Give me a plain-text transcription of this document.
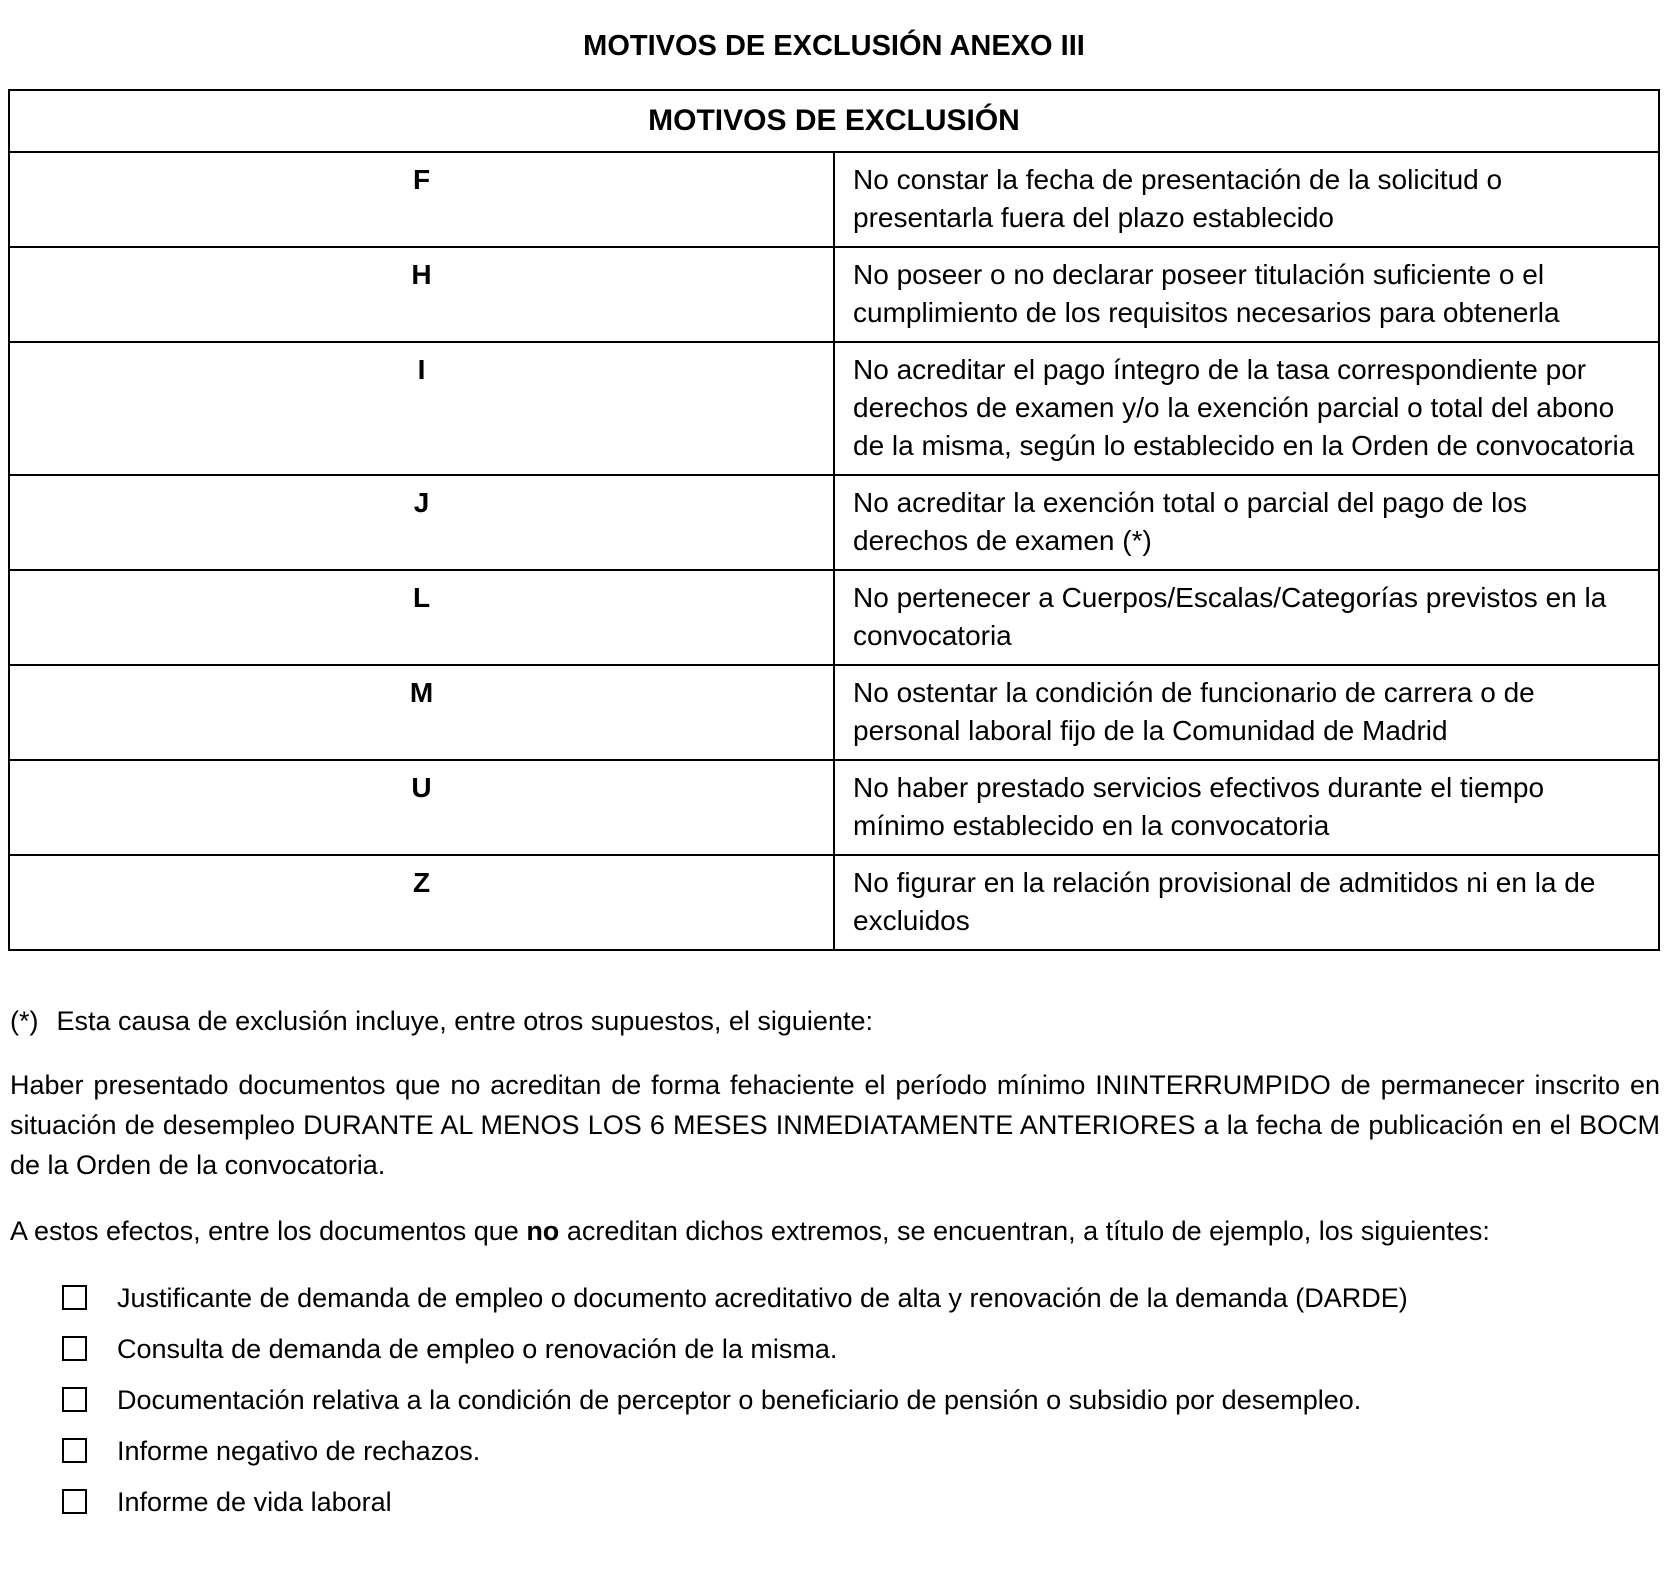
MOTIVOS DE EXCLUSIÓN ANEXO III
MOTIVOS DE EXCLUSIÓN	
F	No constar la fecha de presentación de la solicitud o presentarla fuera del plazo establecido
H	No poseer o no declarar poseer titulación suficiente o el cumplimiento de los requisitos necesarios para obtenerla
I	No acreditar el pago íntegro de la tasa correspondiente por derechos de examen y/o la exención parcial o total del abono de la misma, según lo establecido en la Orden de convocatoria
J	No acreditar la exención total o parcial del pago de los derechos de examen (*)
L	No pertenecer a Cuerpos/Escalas/Categorías previstos en la convocatoria
M	No ostentar la condición de funcionario de carrera o de personal laboral fijo de la Comunidad de Madrid
U	No haber prestado servicios efectivos durante el tiempo mínimo establecido en la convocatoria
Z	No figurar en la relación provisional de admitidos ni en la de excluidos

(*) Esta causa de exclusión incluye, entre otros supuestos, el siguiente:

Haber presentado documentos que no acreditan de forma fehaciente el período mínimo ININTERRUMPIDO de permanecer inscrito en situación de desempleo DURANTE AL MENOS LOS 6 MESES INMEDIATAMENTE ANTERIORES a la fecha de publicación en el BOCM de la Orden de la convocatoria.

A estos efectos, entre los documentos que no acreditan dichos extremos, se encuentran, a título de ejemplo, los siguientes:

Justificante de demanda de empleo o documento acreditativo de alta y renovación de la demanda (DARDE)
Consulta de demanda de empleo o renovación de la misma.
Documentación relativa a la condición de perceptor o beneficiario de pensión o subsidio por desempleo.
Informe negativo de rechazos.
Informe de vida laboral
